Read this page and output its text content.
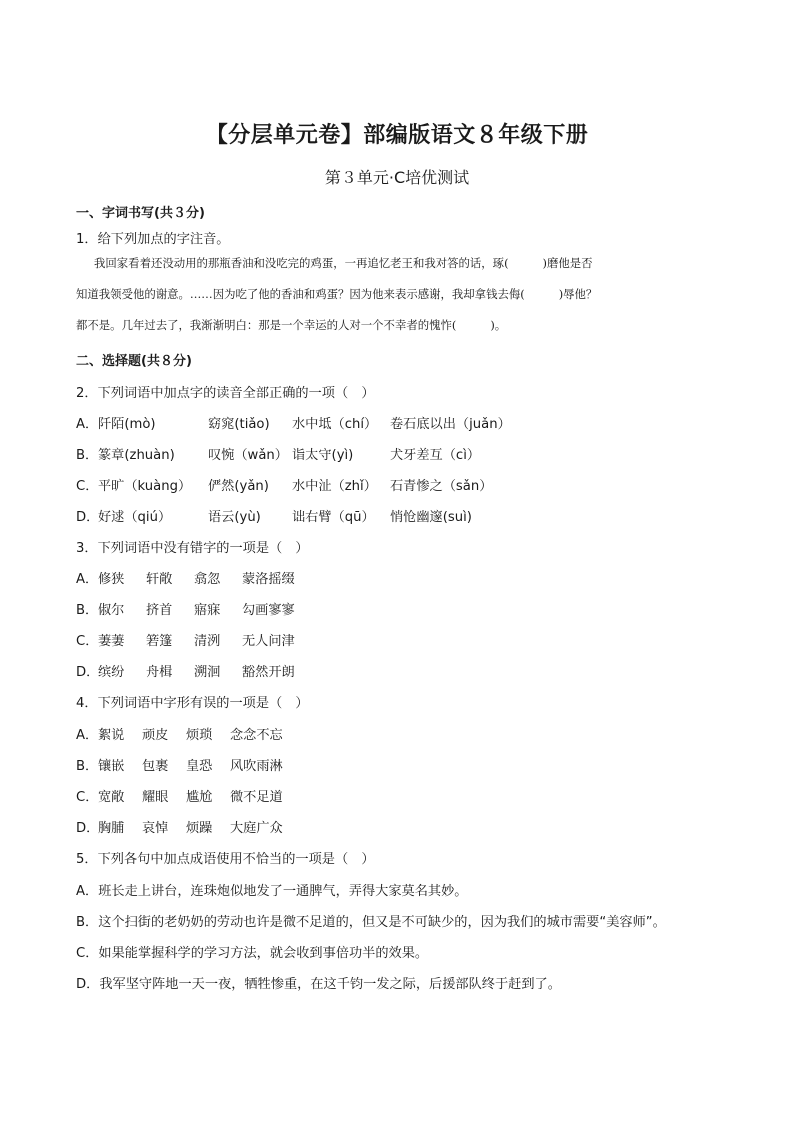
【分层单元卷】部编版语文８年级下册
第３单元·C培优测试
一、字词书写(共３分)
1．给下列加点的字注音。

我回家看着还没动用的那瓶香油和没吃完的鸡蛋，一再追忆老王和我对答的话，琢(	)磨他是否

知道我领受他的谢意。……因为吃了他的香油和鸡蛋？因为他来表示感谢，我却拿钱去侮(	)辱他？

都不是。几年过去了，我渐渐明白：那是一个幸运的人对一个不幸者的愧怍(	)。

二、选择题(共８分)
2．下列词语中加点字的读音全部正确的一项（　）
A．阡陌(mò)	窈窕(tiǎo) 水中坻（chí） 卷石底以出（juǎn）
B．篆章(zhuàn)	叹惋（wǎn） 诣太守(yì)	犬牙差互（cì）
C．平旷（kuàng） 俨然(yǎn) 水中沚（zhǐ） 石青惨之（sǎn）
D．好逑（qiú）	语云(yù) 诎右臂（qū） 悄怆幽邃(suì)
3．下列词语中没有错字的一项是（　）
A．修狭 轩敞 翕忽 蒙洛摇缀
B．俶尔 挤首 寤寐 勾画寥寥
C．萋萋 箬篷 清洌 无人问津
D．缤纷 舟楫 溯洄 豁然开朗
4．下列词语中字形有误的一项是（　）
A．絮说 顽皮 烦琐 念念不忘
B．镶嵌 包裹 皇恐 风吹雨淋
C．宽敞 耀眼 尴尬 微不足道
D．胸脯 哀悼 烦躁 大庭广众
5．下列各句中加点成语使用不恰当的一项是（　）
A．班长走上讲台，连珠炮似地发了一通脾气，弄得大家莫名其妙。
B．这个扫街的老奶奶的劳动也许是微不足道的，但又是不可缺少的，因为我们的城市需要“美容师”。
C．如果能掌握科学的学习方法，就会收到事倍功半的效果。
D．我军坚守阵地一天一夜，牺牲惨重，在这千钧一发之际，后援部队终于赶到了。
